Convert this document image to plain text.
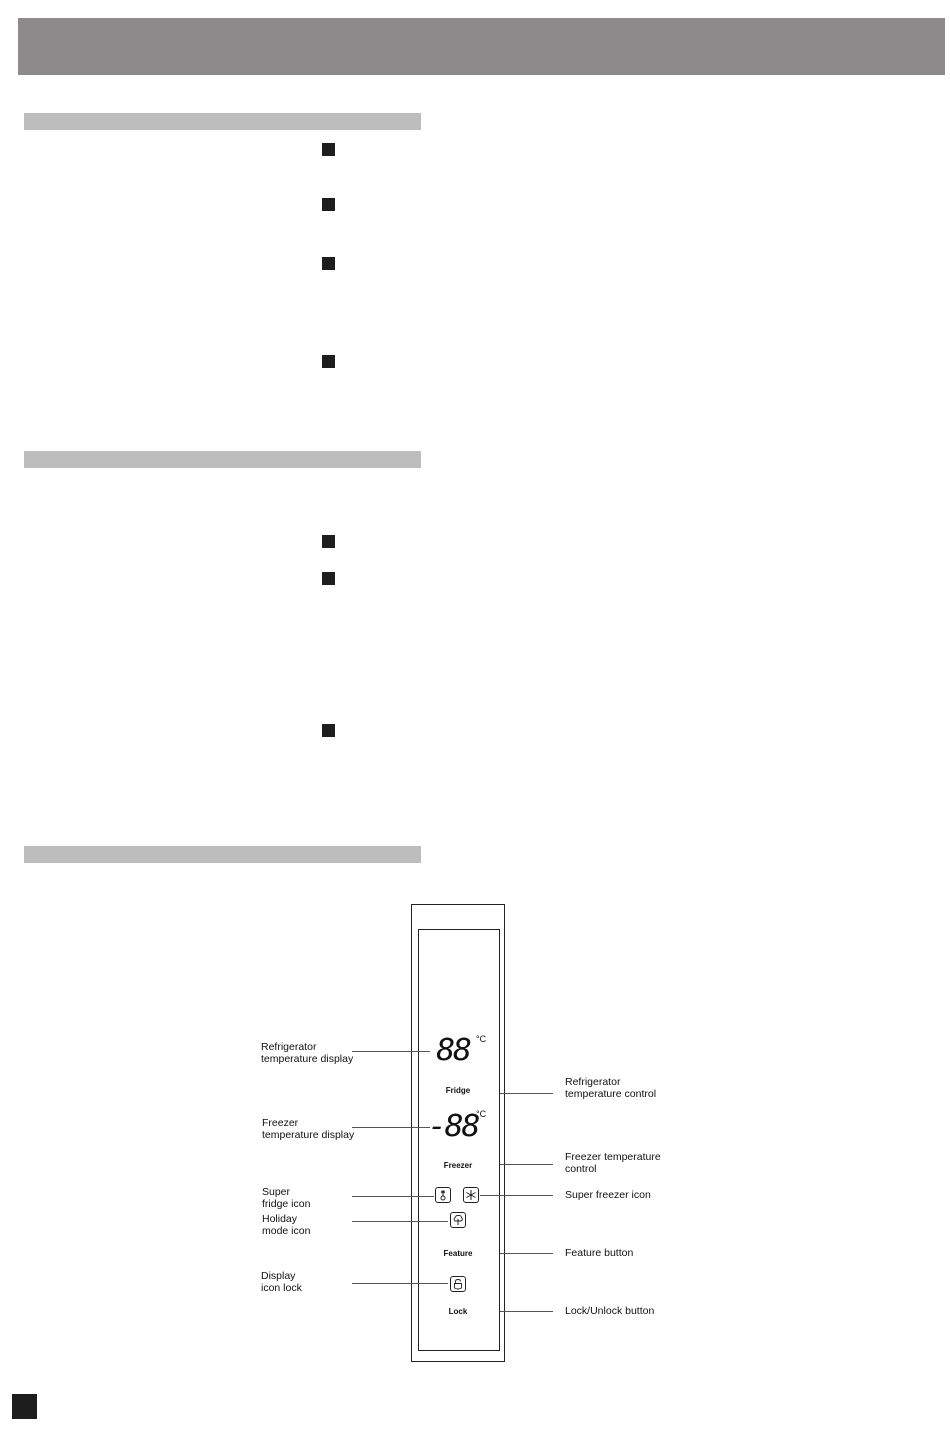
88 °C
Fridge
-88
°C
Freezer
Feature
Lock
Refrigerator
temperature display
Freezer
temperature display
Super
fridge icon
Holiday
mode icon
Display
icon lock
Refrigerator
temperature control
Freezer temperature
control
Super freezer icon
Feature button
Lock/Unlock button
